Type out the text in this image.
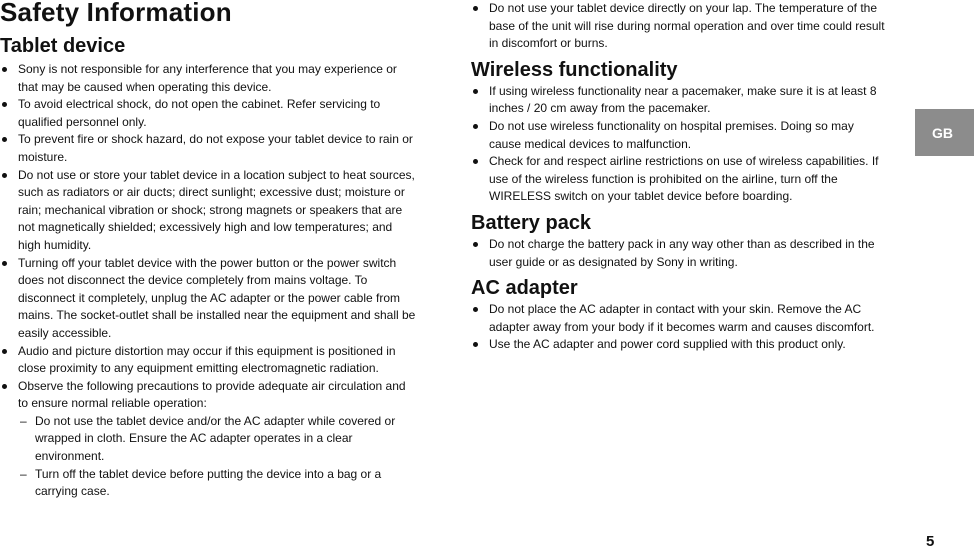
Safety Information
Tablet device
Sony is not responsible for any interference that you may experience or that may be caused when operating this device.
To avoid electrical shock, do not open the cabinet. Refer servicing to qualified personnel only.
To prevent fire or shock hazard, do not expose your tablet device to rain or moisture.
Do not use or store your tablet device in a location subject to heat sources, such as radiators or air ducts; direct sunlight; excessive dust; moisture or rain; mechanical vibration or shock; strong magnets or speakers that are not magnetically shielded; excessively high and low temperatures; and high humidity.
Turning off your tablet device with the power button or the power switch does not disconnect the device completely from mains voltage. To disconnect it completely, unplug the AC adapter or the power cable from mains. The socket-outlet shall be installed near the equipment and shall be easily accessible.
Audio and picture distortion may occur if this equipment is positioned in close proximity to any equipment emitting electromagnetic radiation.
Observe the following precautions to provide adequate air circulation and to ensure normal reliable operation:
– Do not use the tablet device and/or the AC adapter while covered or wrapped in cloth. Ensure the AC adapter operates in a clear environment.
– Turn off the tablet device before putting the device into a bag or a carrying case.
Do not use your tablet device directly on your lap. The temperature of the base of the unit will rise during normal operation and over time could result in discomfort or burns.
Wireless functionality
If using wireless functionality near a pacemaker, make sure it is at least 8 inches / 20 cm away from the pacemaker.
Do not use wireless functionality on hospital premises. Doing so may cause medical devices to malfunction.
Check for and respect airline restrictions on use of wireless capabilities. If use of the wireless function is prohibited on the airline, turn off the WIRELESS switch on your tablet device before boarding.
Battery pack
Do not charge the battery pack in any way other than as described in the user guide or as designated by Sony in writing.
AC adapter
Do not place the AC adapter in contact with your skin. Remove the AC adapter away from your body if it becomes warm and causes discomfort.
Use the AC adapter and power cord supplied with this product only.
GB
5
